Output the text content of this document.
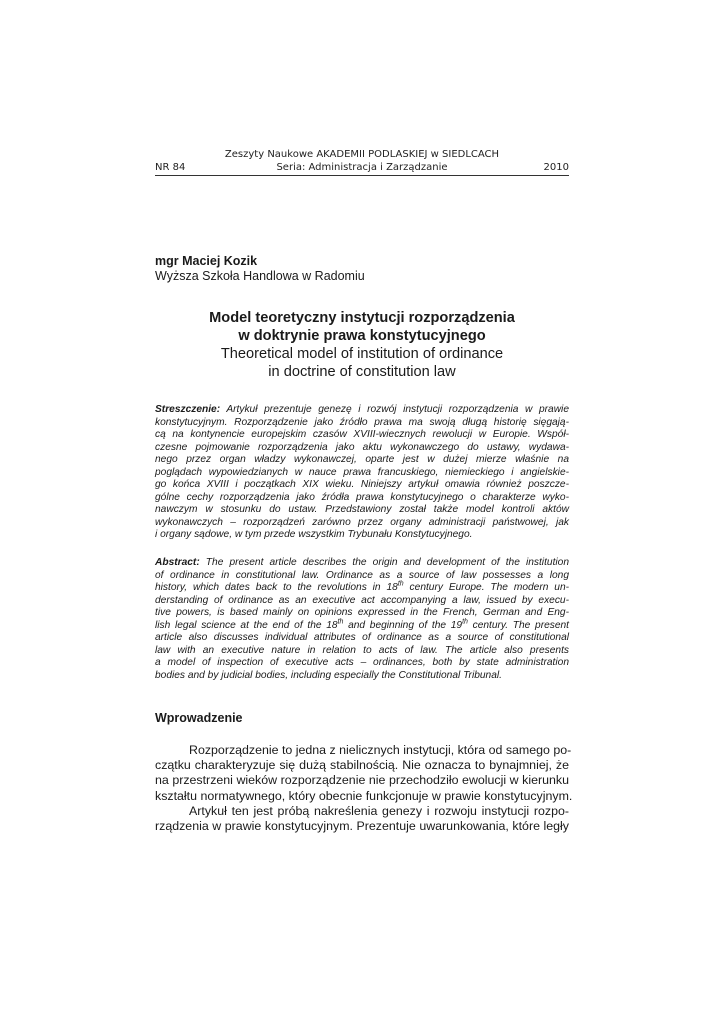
Zeszyty Naukowe AKADEMII PODLASKIEJ w SIEDLCACH
NR 84	Seria: Administracja i Zarządzanie	2010
mgr Maciej Kozik
Wyższa Szkoła Handlowa w Radomiu
Model teoretyczny instytucji rozporządzenia
w doktrynie prawa konstytucyjnego
Theoretical model of institution of ordinance
in doctrine of constitution law
Streszczenie: Artykuł prezentuje genezę i rozwój instytucji rozporządzenia w prawie
konstytucyjnym. Rozporządzenie jako źródło prawa ma swoją długą historię sięgają-
cą na kontynencie europejskim czasów XVIII-wiecznych rewolucji w Europie. Współ-
czesne pojmowanie rozporządzenia jako aktu wykonawczego do ustawy, wydawa-
nego przez organ władzy wykonawczej, oparte jest w dużej mierze właśnie na
poglądach wypowiedzianych w nauce prawa francuskiego, niemieckiego i angielskie-
go końca XVIII i początkach XIX wieku. Niniejszy artykuł omawia również poszcze-
gólne cechy rozporządzenia jako źródła prawa konstytucyjnego o charakterze wyko-
nawczym w stosunku do ustaw. Przedstawiony został także model kontroli aktów
wykonawczych – rozporządzeń zarówno przez organy administracji państwowej, jak
i organy sądowe, w tym przede wszystkim Trybunału Konstytucyjnego.
Abstract: The present article describes the origin and development of the institution
of ordinance in constitutional law. Ordinance as a source of law possesses a long
history, which dates back to the revolutions in 18th century Europe. The modern un-
derstanding of ordinance as an executive act accompanying a law, issued by execu-
tive powers, is based mainly on opinions expressed in the French, German and Eng-
lish legal science at the end of the 18th and beginning of the 19th century. The present
article also discusses individual attributes of ordinance as a source of constitutional
law with an executive nature in relation to acts of law. The article also presents
a model of inspection of executive acts – ordinances, both by state administration
bodies and by judicial bodies, including especially the Constitutional Tribunal.
Wprowadzenie
Rozporządzenie to jedna z nielicznych instytucji, która od samego po-
czątku charakteryzuje się dużą stabilnością. Nie oznacza to bynajmniej, że
na przestrzeni wieków rozporządzenie nie przechodziło ewolucji w kierunku
kształtu normatywnego, który obecnie funkcjonuje w prawie konstytucyjnym.
Artykuł ten jest próbą nakreślenia genezy i rozwoju instytucji rozpo-
rządzenia w prawie konstytucyjnym. Prezentuje uwarunkowania, które legły
